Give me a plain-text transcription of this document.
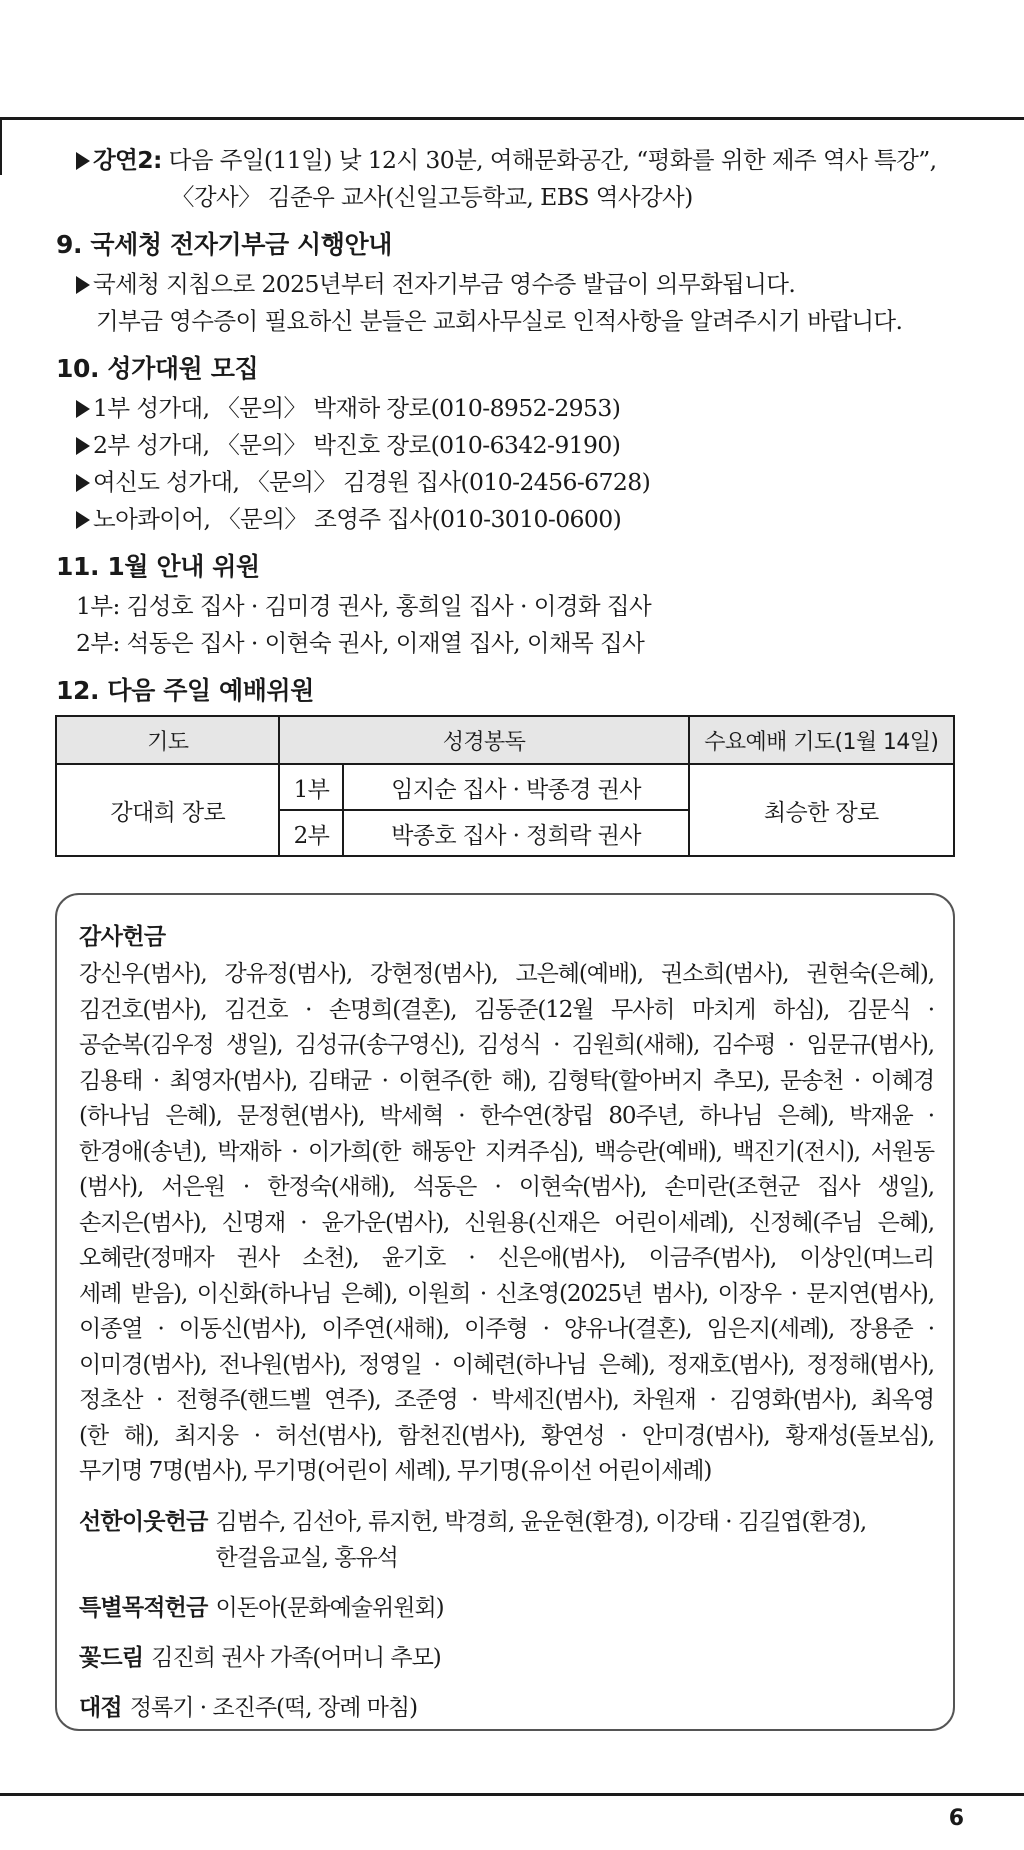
강연2: 다음 주일(11일) 낮 12시 30분, 여해문화공간, “평화를 위한 제주 역사 특강”,
〈강사〉 김준우 교사(신일고등학교, EBS 역사강사)
9. 국세청 전자기부금 시행안내
국세청 지침으로 2025년부터 전자기부금 영수증 발급이 의무화됩니다.
기부금 영수증이 필요하신 분들은 교회사무실로 인적사항을 알려주시기 바랍니다.
10. 성가대원 모집
1부 성가대, 〈문의〉 박재하 장로(010-8952-2953)
2부 성가대, 〈문의〉 박진호 장로(010-6342-9190)
여신도 성가대, 〈문의〉 김경원 집사(010-2456-6728)
노아콰이어, 〈문의〉 조영주 집사(010-3010-0600)
11. 1월 안내 위원
1부: 김성호 집사 · 김미경 권사, 홍희일 집사 · 이경화 집사
2부: 석동은 집사 · 이현숙 권사, 이재열 집사, 이채목 집사
12. 다음 주일 예배위원
기도	성경봉독		수요예배 기도(1월 14일)
강대희 장로	1부	임지순 집사 · 박종경 권사	최승한 장로
	2부	박종호 집사 · 정희락 권사	
감사헌금
강신우(범사), 강유정(범사), 강현정(범사), 고은혜(예배), 권소희(범사), 권현숙(은혜),
김건호(범사), 김건호 · 손명희(결혼), 김동준(12월 무사히 마치게 하심), 김문식 ·
공순복(김우정 생일), 김성규(송구영신), 김성식 · 김원희(새해), 김수평 · 임문규(범사),
김용태 · 최영자(범사), 김태균 · 이현주(한 해), 김형탁(할아버지 추모), 문송천 · 이혜경
(하나님 은혜), 문정현(범사), 박세혁 · 한수연(창립 80주년, 하나님 은혜), 박재윤 ·
한경애(송년), 박재하 · 이가희(한 해동안 지켜주심), 백승란(예배), 백진기(전시), 서원동
(범사), 서은원 · 한정숙(새해), 석동은 · 이현숙(범사), 손미란(조현군 집사 생일),
손지은(범사), 신명재 · 윤가운(범사), 신원용(신재은 어린이세례), 신정혜(주님 은혜),
오혜란(정매자 권사 소천), 윤기호 · 신은애(범사), 이금주(범사), 이상인(며느리
세례 받음), 이신화(하나님 은혜), 이원희 · 신초영(2025년 범사), 이장우 · 문지연(범사),
이종열 · 이동신(범사), 이주연(새해), 이주형 · 양유나(결혼), 임은지(세례), 장용준 ·
이미경(범사), 전나원(범사), 정영일 · 이혜련(하나님 은혜), 정재호(범사), 정정해(범사),
정초산 · 전형주(핸드벨 연주), 조준영 · 박세진(범사), 차원재 · 김영화(범사), 최옥영
(한 해), 최지웅 · 허선(범사), 함천진(범사), 황연성 · 안미경(범사), 황재성(돌보심),
무기명 7명(범사), 무기명(어린이 세례), 무기명(유이선 어린이세례)
선한이웃헌금 김범수, 김선아, 류지헌, 박경희, 윤운현(환경), 이강태 · 김길엽(환경),
한걸음교실, 홍유석
특별목적헌금 이돈아(문화예술위원회)
꽃드림 김진희 권사 가족(어머니 추모)
대접 정록기 · 조진주(떡, 장례 마침)
6
